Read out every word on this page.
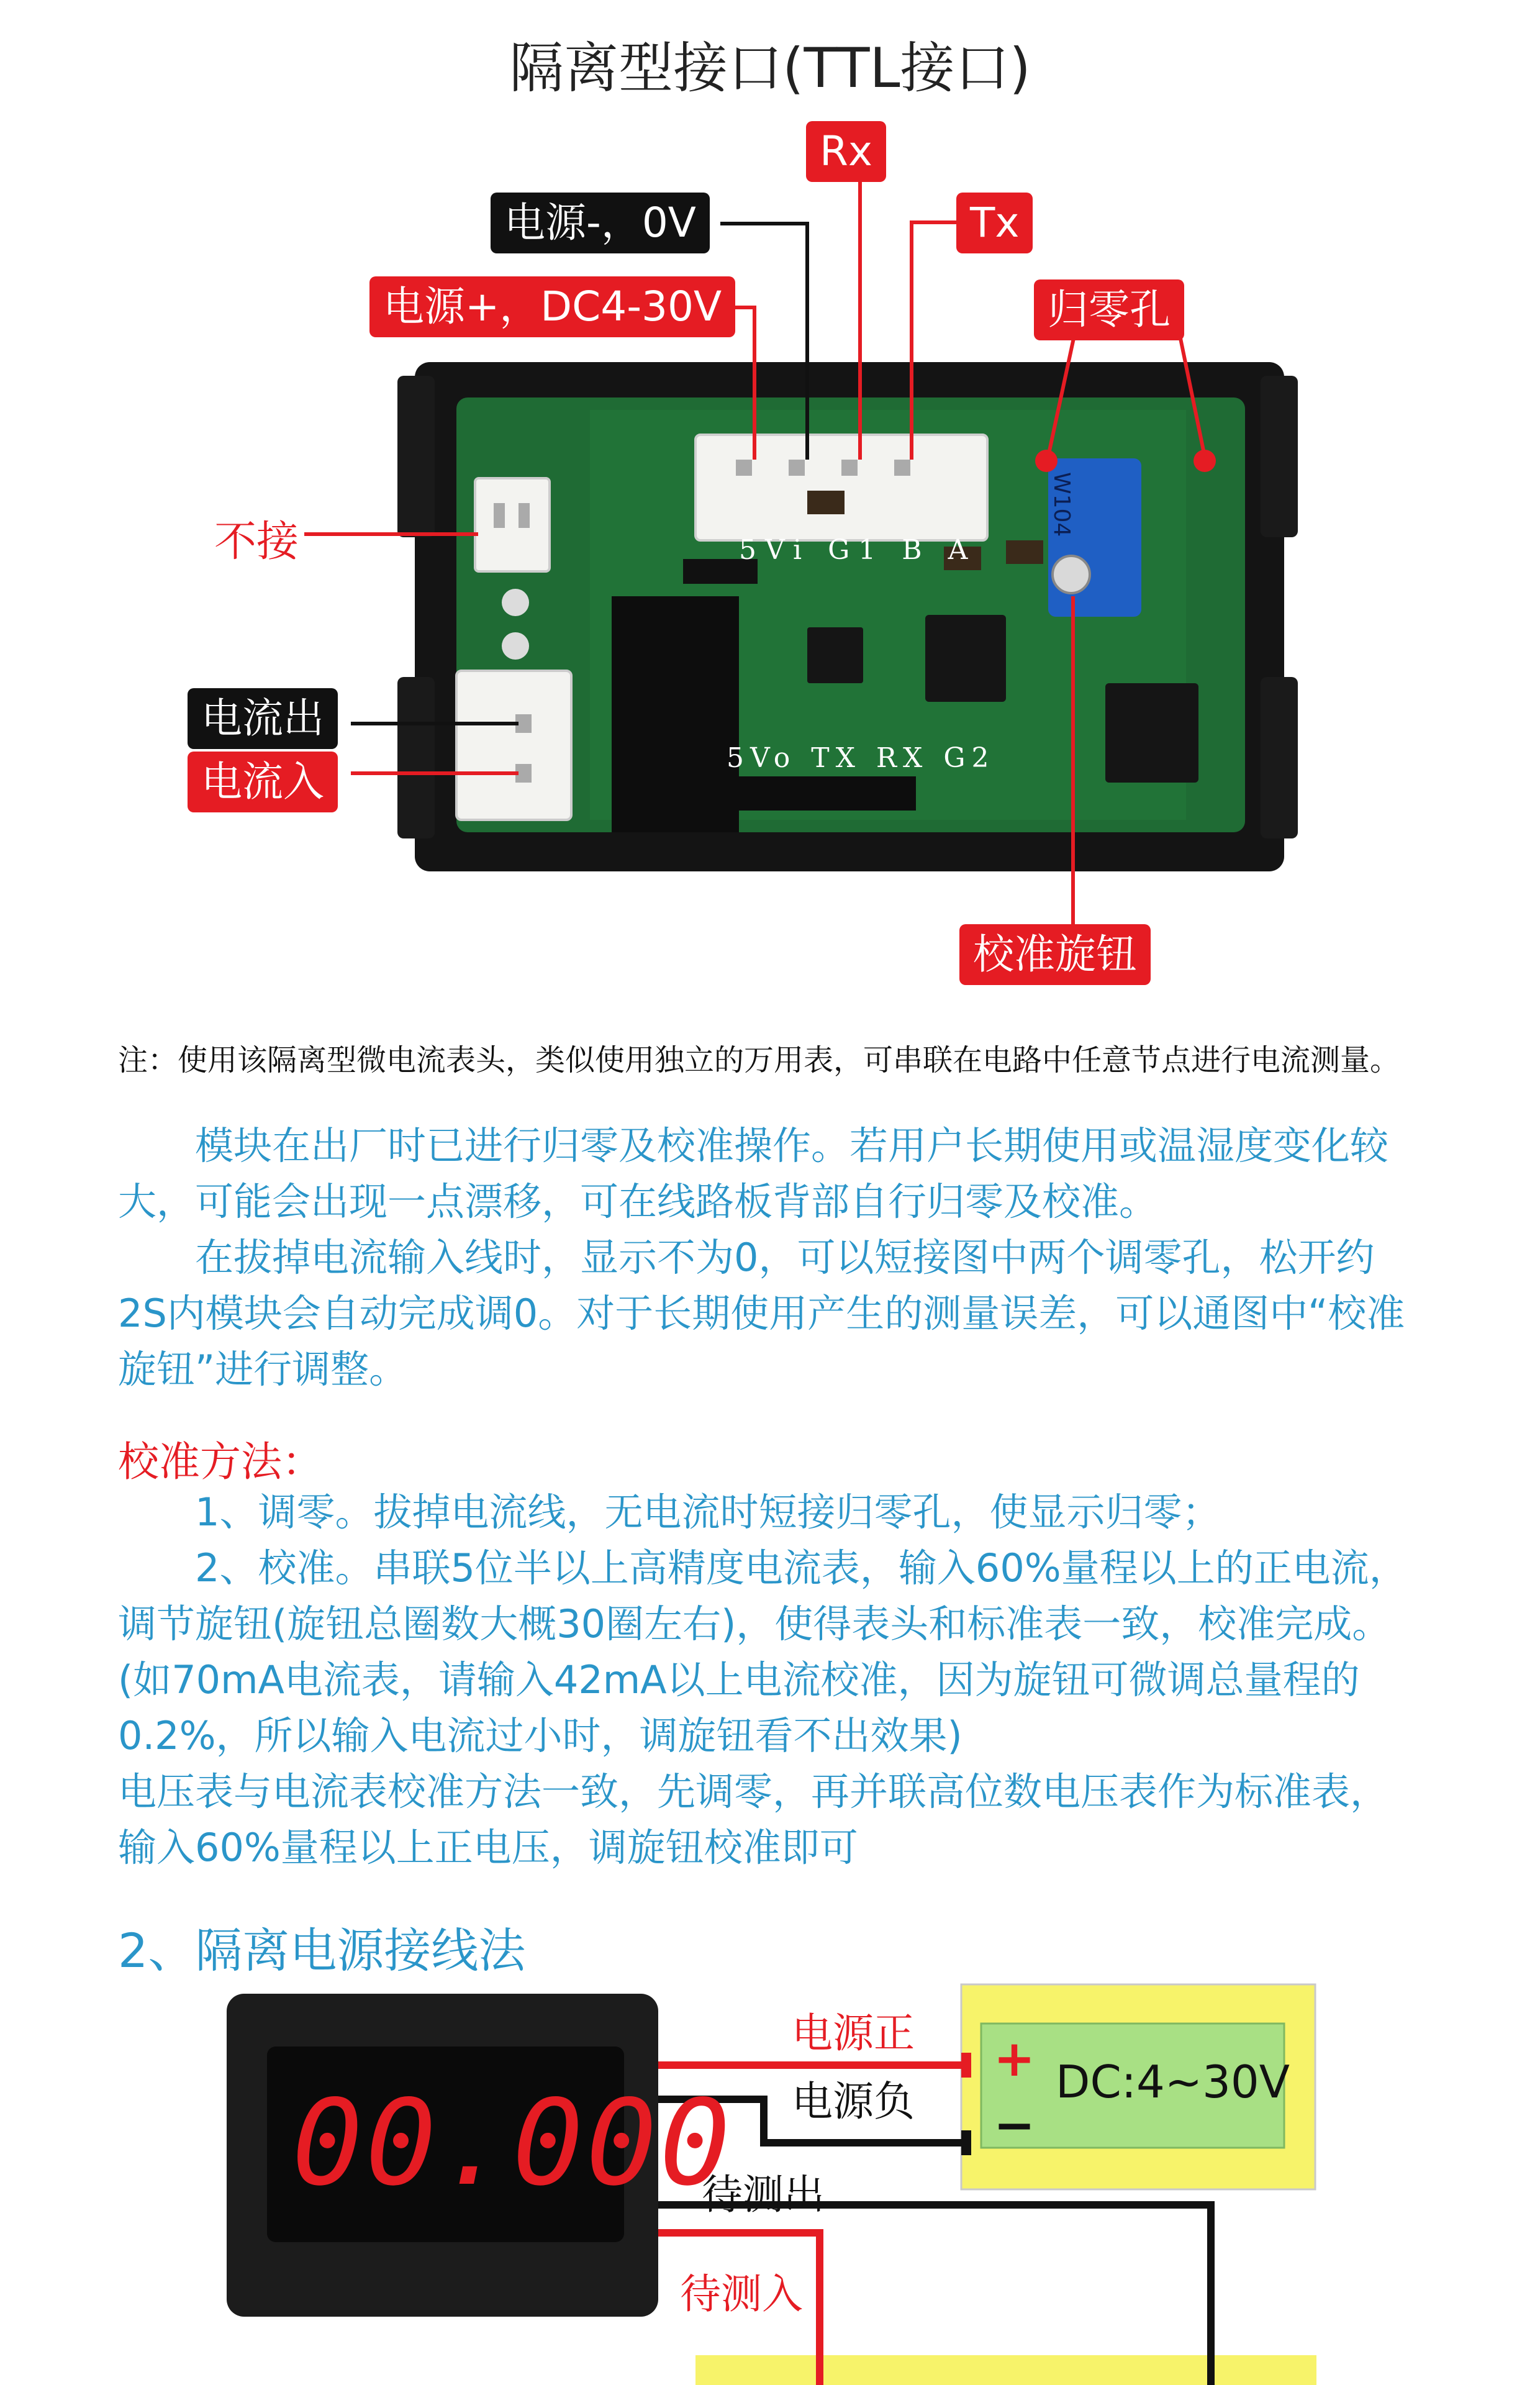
隔离型接口(TTL接口)
5Vi G1 B A
5Vo TX RX G2
W104
Rx
Tx
电源-，0V
电源+，DC4-30V	归零孔
不接
电流出
电流入
校准旋钮
注：使用该隔离型微电流表头，类似使用独立的万用表，可串联在电路中任意节点进行电流测量。
模块在出厂时已进行归零及校准操作。若用户长期使用或温湿度变化较大，可能会出现一点漂移，可在线路板背部自行归零及校准。
在拔掉电流输入线时，显示不为0，可以短接图中两个调零孔，松开约2S内模块会自动完成调0。对于长期使用产生的测量误差，可以通图中“校准旋钮”进行调整。
校准方法：
1、调零。拔掉电流线，无电流时短接归零孔，使显示归零；
2、校准。串联5位半以上高精度电流表，输入60%量程以上的正电流，调节旋钮(旋钮总圈数大概30圈左右)，使得表头和标准表一致，校准完成。
(如70mA电流表，请输入42mA以上电流校准，因为旋钮可微调总量程的0.2%，所以输入电流过小时，调旋钮看不出效果)
电压表与电流表校准方法一致，先调零，再并联高位数电压表作为标准表，输入60%量程以上正电压，调旋钮校准即可
2、隔离电源接线法
00.000
电源正
电源负
待测出
待测入
+
−
DC:4~30V
